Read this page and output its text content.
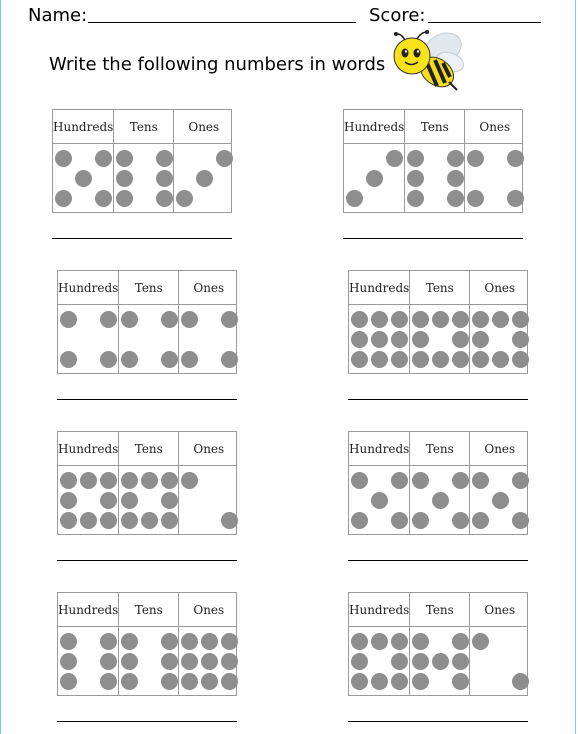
Name:	Score:
Write the following numbers in words
Hundreds	Tens	Ones	Hundreds	Tens	Ones
Hundreds	Tens	Ones	Hundreds	Tens	Ones
Hundreds	Tens	Ones	Hundreds	Tens	Ones
Hundreds	Tens	Ones	Hundreds	Tens	Ones
